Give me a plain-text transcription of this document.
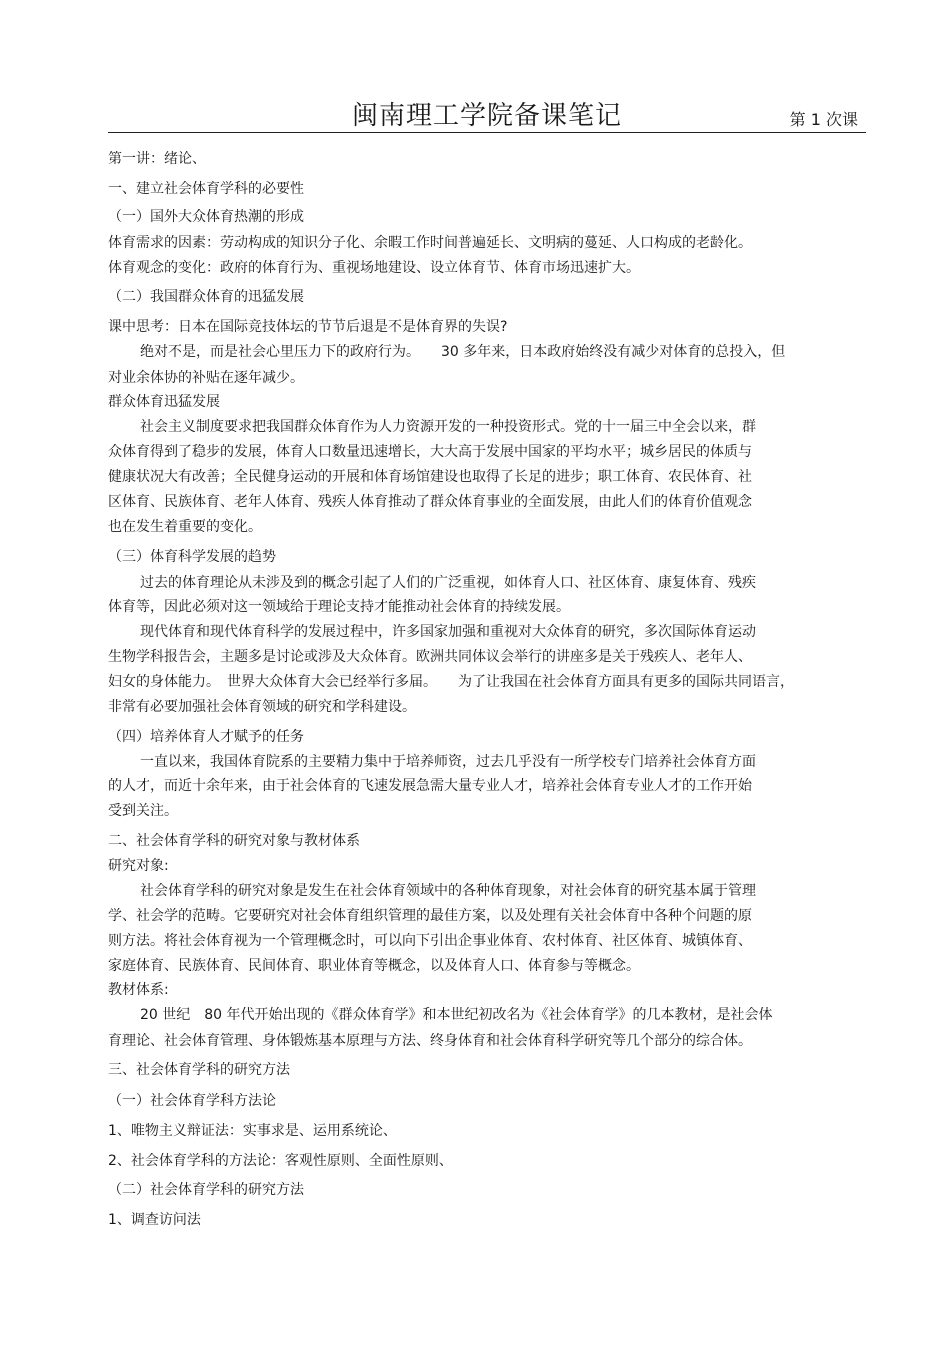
闽南理工学院备课笔记	第 1 次课
第一讲：绪论、
一、建立社会体育学科的必要性
（一）国外大众体育热潮的形成
体育需求的因素：劳动构成的知识分子化、余暇工作时间普遍延长、文明病的蔓延、人口构成的老龄化。
体育观念的变化：政府的体育行为、重视场地建设、设立体育节、体育市场迅速扩大。
（二）我国群众体育的迅猛发展
课中思考：日本在国际竞技体坛的节节后退是不是体育界的失误?
绝对不是，而是社会心里压力下的政府行为。　　30 多年来，日本政府始终没有减少对体育的总投入，但
对业余体协的补贴在逐年减少。
群众体育迅猛发展
社会主义制度要求把我国群众体育作为人力资源开发的一种投资形式。党的十一届三中全会以来，群
众体育得到了稳步的发展，体育人口数量迅速增长，大大高于发展中国家的平均水平；城乡居民的体质与
健康状况大有改善；全民健身运动的开展和体育场馆建设也取得了长足的进步；职工体育、农民体育、社
区体育、民族体育、老年人体育、残疾人体育推动了群众体育事业的全面发展，由此人们的体育价值观念
也在发生着重要的变化。
（三）体育科学发展的趋势
过去的体育理论从未涉及到的概念引起了人们的广泛重视，如体育人口、社区体育、康复体育、残疾
体育等，因此必须对这一领域给于理论支持才能推动社会体育的持续发展。
现代体育和现代体育科学的发展过程中，许多国家加强和重视对大众体育的研究，多次国际体育运动
生物学科报告会，主题多是讨论或涉及大众体育。欧洲共同体议会举行的讲座多是关于残疾人、老年人、
妇女的身体能力。　世界大众体育大会已经举行多届。　　为了让我国在社会体育方面具有更多的国际共同语言，
非常有必要加强社会体育领域的研究和学科建设。
（四）培养体育人才赋予的任务
一直以来，我国体育院系的主要精力集中于培养师资，过去几乎没有一所学校专门培养社会体育方面
的人才，而近十余年来，由于社会体育的飞速发展急需大量专业人才，培养社会体育专业人才的工作开始
受到关注。
二、社会体育学科的研究对象与教材体系
研究对象:
社会体育学科的研究对象是发生在社会体育领域中的各种体育现象，对社会体育的研究基本属于管理
学、社会学的范畴。它要研究对社会体育组织管理的最佳方案，以及处理有关社会体育中各种个问题的原
则方法。将社会体育视为一个管理概念时，可以向下引出企事业体育、农村体育、社区体育、城镇体育、
家庭体育、民族体育、民间体育、职业体育等概念，以及体育人口、体育参与等概念。
教材体系:
20 世纪　80 年代开始出现的《群众体育学》和本世纪初改名为《社会体育学》的几本教材，是社会体
育理论、社会体育管理、身体锻炼基本原理与方法、终身体育和社会体育科学研究等几个部分的综合体。
三、社会体育学科的研究方法
（一）社会体育学科方法论
1、唯物主义辩证法：实事求是、运用系统论、
2、社会体育学科的方法论：客观性原则、全面性原则、
（二）社会体育学科的研究方法
1、调查访问法
